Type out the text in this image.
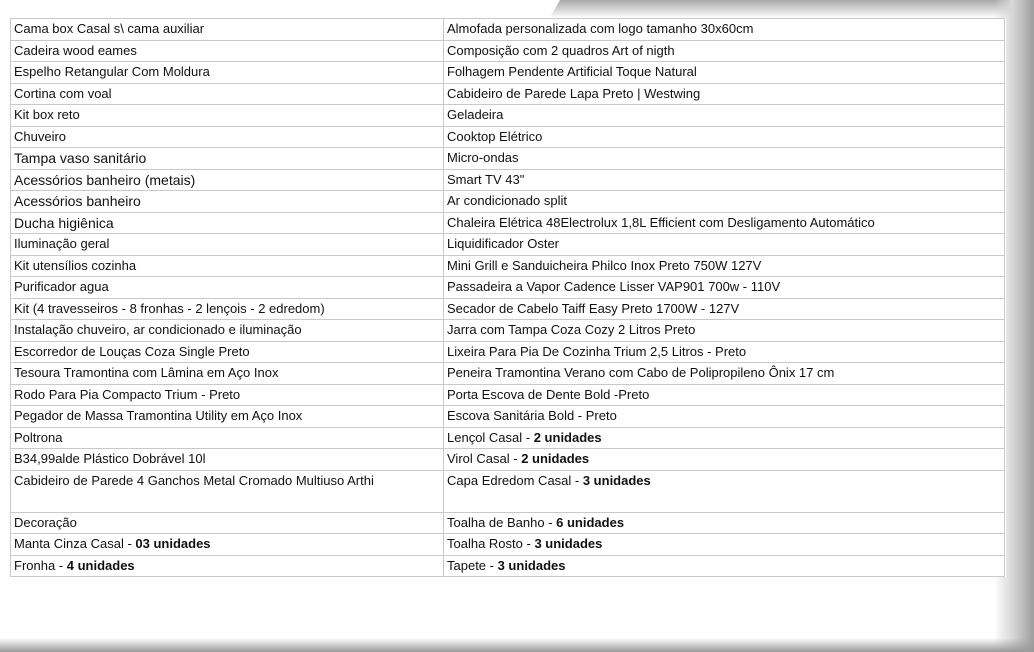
Cama box Casal s\ cama auxiliar	Almofada personalizada com logo tamanho 30x60cm
Cadeira wood eames	Composição com 2 quadros Art of nigth
Espelho Retangular Com Moldura	Folhagem Pendente Artificial Toque Natural
Cortina com voal	Cabideiro de Parede Lapa Preto | Westwing
Kit box reto	Geladeira
Chuveiro	Cooktop Elétrico
Tampa vaso sanitário	Micro-ondas
Acessórios banheiro (metais)	Smart TV 43"
Acessórios banheiro	Ar condicionado split
Ducha higiênica	Chaleira Elétrica 48Electrolux 1,8L Efficient com Desligamento Automático
Iluminação geral	Liquidificador Oster
Kit utensílios cozinha	Mini Grill e Sanduicheira Philco Inox Preto 750W 127V
Purificador agua	Passadeira a Vapor Cadence Lisser VAP901 700w - 110V
Kit (4 travesseiros - 8 fronhas - 2 lençois - 2 edredom)	Secador de Cabelo Taiff Easy Preto 1700W - 127V
Instalação chuveiro, ar condicionado e iluminação	Jarra com Tampa Coza Cozy 2 Litros Preto
Escorredor de Louças Coza Single Preto	Lixeira Para Pia De Cozinha Trium 2,5 Litros - Preto
Tesoura Tramontina com Lâmina em Aço Inox	Peneira Tramontina Verano com Cabo de Polipropileno Ônix 17 cm
Rodo Para Pia Compacto Trium - Preto	Porta Escova de Dente Bold -Preto
Pegador de Massa Tramontina Utility em Aço Inox	Escova Sanitária Bold - Preto
Poltrona	Lençol Casal - 2 unidades
B34,99alde Plástico Dobrável 10l	Virol Casal - 2 unidades
Cabideiro de Parede 4 Ganchos Metal Cromado Multiuso Arthi	Capa Edredom Casal - 3 unidades
Decoração	Toalha de Banho - 6 unidades
Manta Cinza Casal - 03 unidades	Toalha Rosto - 3 unidades
Fronha - 4 unidades	Tapete - 3 unidades
